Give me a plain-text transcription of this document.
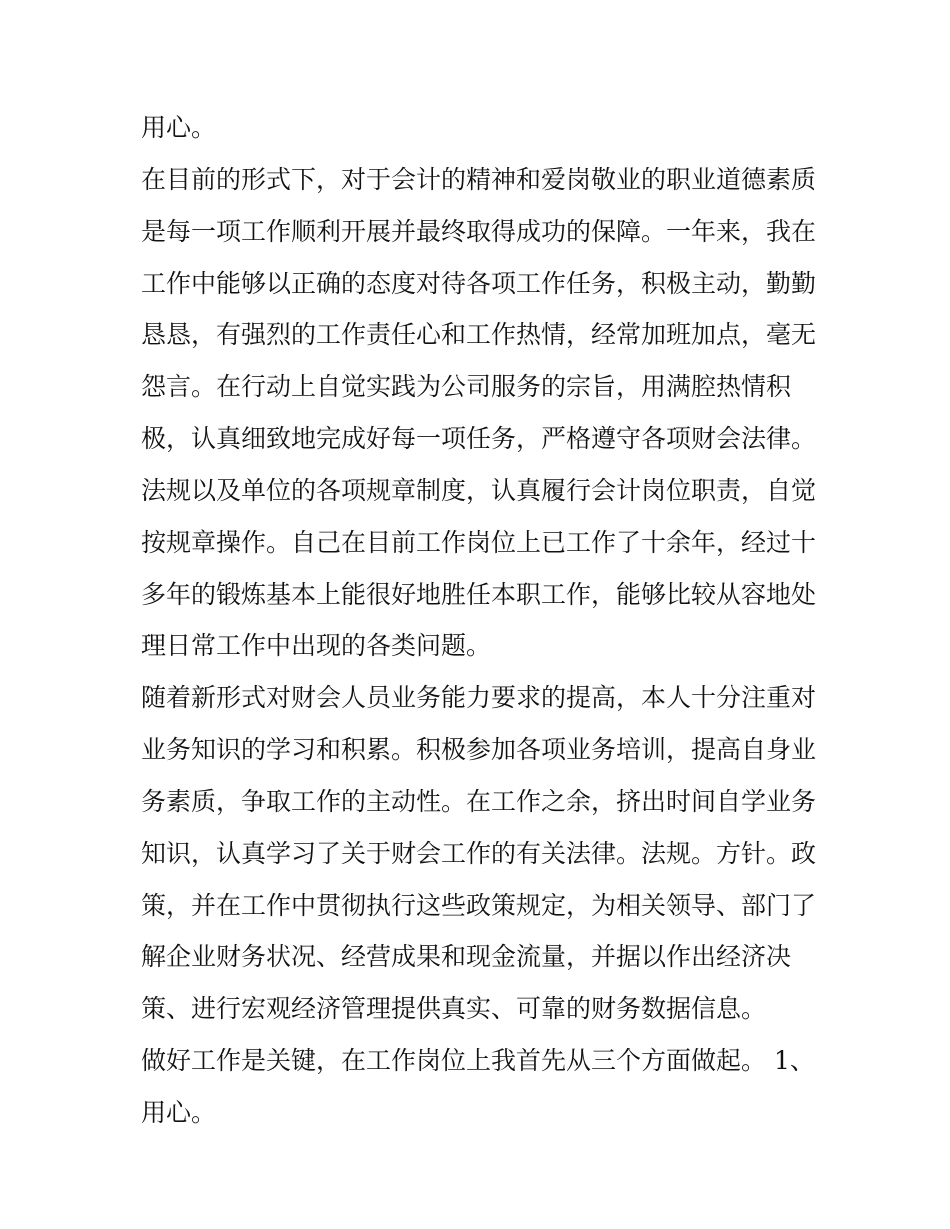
用心。
在目前的形式下，对于会计的精神和爱岗敬业的职业道德素质
是每一项工作顺利开展并最终取得成功的保障。一年来，我在
工作中能够以正确的态度对待各项工作任务，积极主动，勤勤
恳恳，有强烈的工作责任心和工作热情，经常加班加点，毫无
怨言。在行动上自觉实践为公司服务的宗旨，用满腔热情积
极，认真细致地完成好每一项任务，严格遵守各项财会法律。
法规以及单位的各项规章制度，认真履行会计岗位职责，自觉
按规章操作。自己在目前工作岗位上已工作了十余年，经过十
多年的锻炼基本上能很好地胜任本职工作，能够比较从容地处
理日常工作中出现的各类问题。
随着新形式对财会人员业务能力要求的提高，本人十分注重对
业务知识的学习和积累。积极参加各项业务培训，提高自身业
务素质，争取工作的主动性。在工作之余，挤出时间自学业务
知识，认真学习了关于财会工作的有关法律。法规。方针。政
策，并在工作中贯彻执行这些政策规定，为相关领导、部门了
解企业财务状况、经营成果和现金流量，并据以作出经济决
策、进行宏观经济管理提供真实、可靠的财务数据信息。
做好工作是关键，在工作岗位上我首先从三个方面做起。 1、
用心。
